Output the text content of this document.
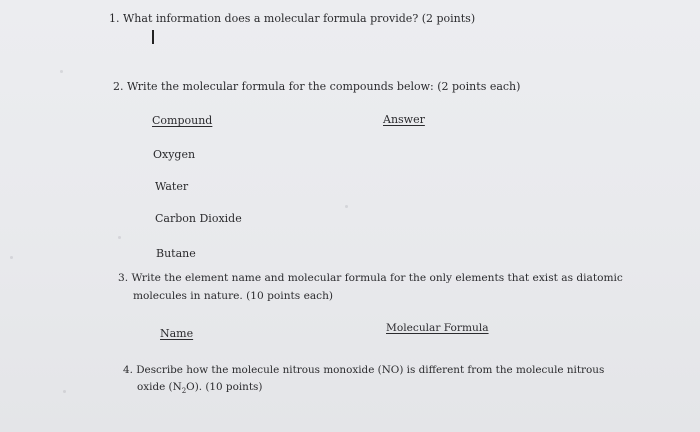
1. What information does a molecular formula provide? (2 points)
2. Write the molecular formula for the compounds below: (2 points each)
Compound	Answer
Oxygen
Water
Carbon Dioxide
Butane
3. Write the element name and molecular formula for the only elements that exist as diatomic
molecules in nature. (10 points each)
Name	Molecular Formula
4. Describe how the molecule nitrous monoxide (NO) is different from the molecule nitrous
oxide $(N_2O)$. (10 points)
